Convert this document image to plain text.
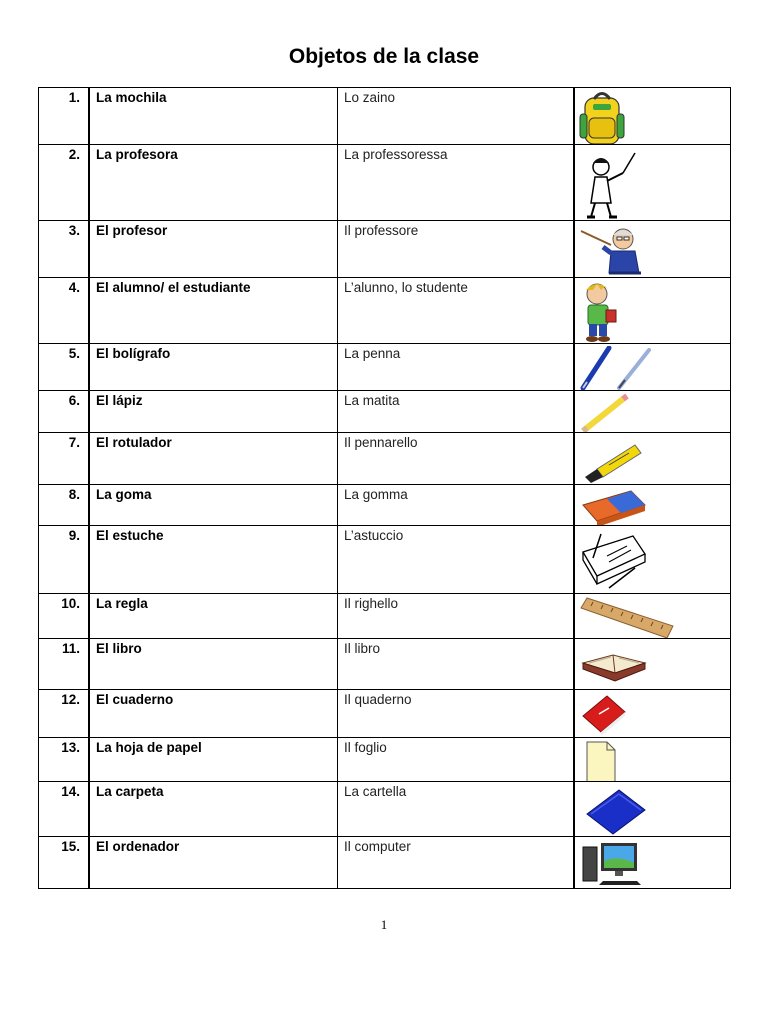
Objetos de la clase
1.	La mochila	Lo zaino	

2.	La profesora	La professoressa	

3.	El profesor	Il professore	

4.	El alumno/ el estudiante	L’alunno, lo studente	

5.	El bolígrafo	La penna	

6.	El lápiz	La matita	

7.	El rotulador	Il pennarello	

8.	La goma	La gomma	

9.	El estuche	L’astuccio	

10.	La regla	Il righello	

11.	El libro	Il libro	

12.	El cuaderno	Il quaderno	

13.	La hoja de papel	Il foglio	

14.	La carpeta	La cartella	

15.	El ordenador	Il computer	
1
